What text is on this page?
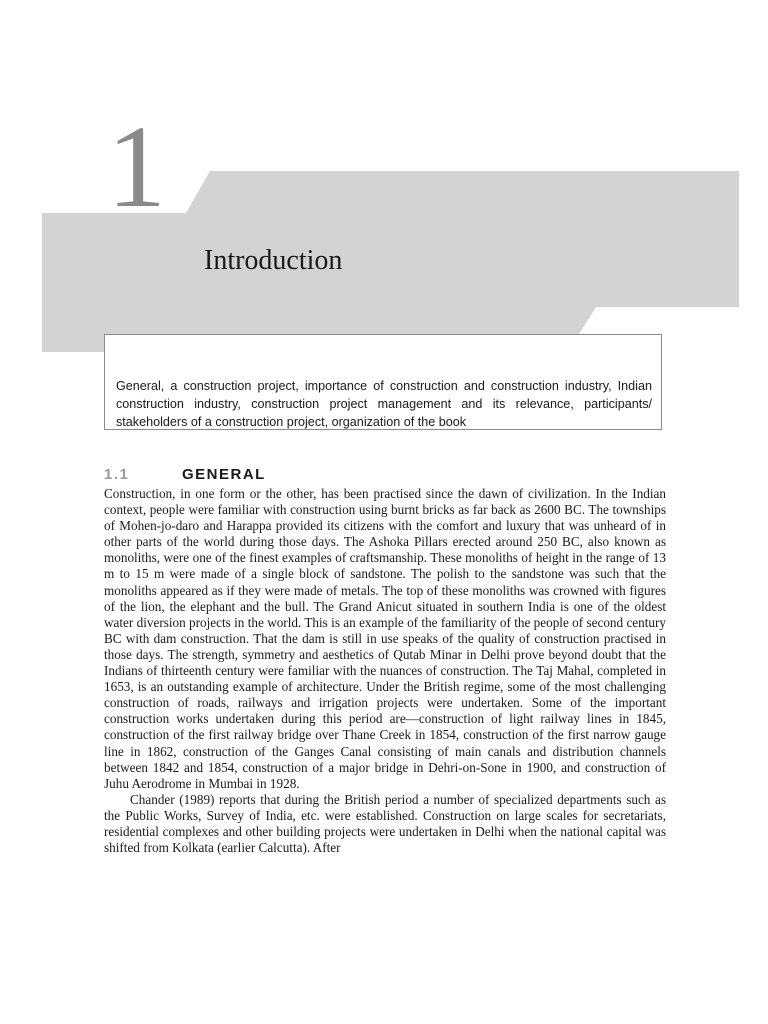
1
Introduction

General, a construction project, importance of construction and construction industry, Indian construction industry, construction project management and its relevance, participants/ stakeholders of a construction project, organization of the book

1.1	GENERAL

Construction, in one form or the other, has been practised since the dawn of civilization. In the Indian context, people were familiar with construction using burnt bricks as far back as 2600 BC. The townships of Mohen-jo-daro and Harappa provided its citizens with the comfort and luxury that was unheard of in other parts of the world during those days. The Ashoka Pillars erected around 250 BC, also known as monoliths, were one of the finest examples of craftsmanship. These monoliths of height in the range of 13 m to 15 m were made of a single block of sandstone. The polish to the sandstone was such that the monoliths appeared as if they were made of metals. The top of these monoliths was crowned with figures of the lion, the elephant and the bull. The Grand Anicut situated in southern India is one of the oldest water diversion projects in the world. This is an example of the familiarity of the people of second century BC with dam construction. That the dam is still in use speaks of the quality of construction practised in those days. The strength, symmetry and aesthetics of Qutab Minar in Delhi prove beyond doubt that the Indians of thirteenth century were familiar with the nuances of construction. The Taj Mahal, completed in 1653, is an outstanding example of architecture. Under the British regime, some of the most challenging construction of roads, railways and irrigation projects were undertaken. Some of the important construction works undertaken during this period are—construction of light railway lines in 1845, construction of the first railway bridge over Thane Creek in 1854, construction of the first narrow gauge line in 1862, construction of the Ganges Canal consisting of main canals and distribution channels between 1842 and 1854, construction of a major bridge in Dehri-on-Sone in 1900, and construction of Juhu Aerodrome in Mumbai in 1928.

Chander (1989) reports that during the British period a number of specialized departments such as the Public Works, Survey of India, etc. were established. Construction on large scales for secretariats, residential complexes and other building projects were undertaken in Delhi when the national capital was shifted from Kolkata (earlier Calcutta). After
